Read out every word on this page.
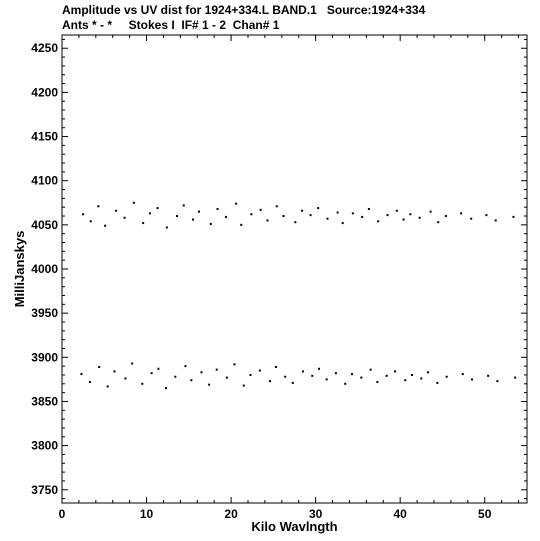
Amplitude vs UV dist for 1924+334.L BAND.1   Source:1924+334
Ants * - *     Stokes I  IF# 1 - 2  Chan# 1
0	10	20	30	40	50
3750
3800
3850
3900
3950
4000
4050
4100
4150
4200
4250
Kilo Wavlngth
MilliJanskys
